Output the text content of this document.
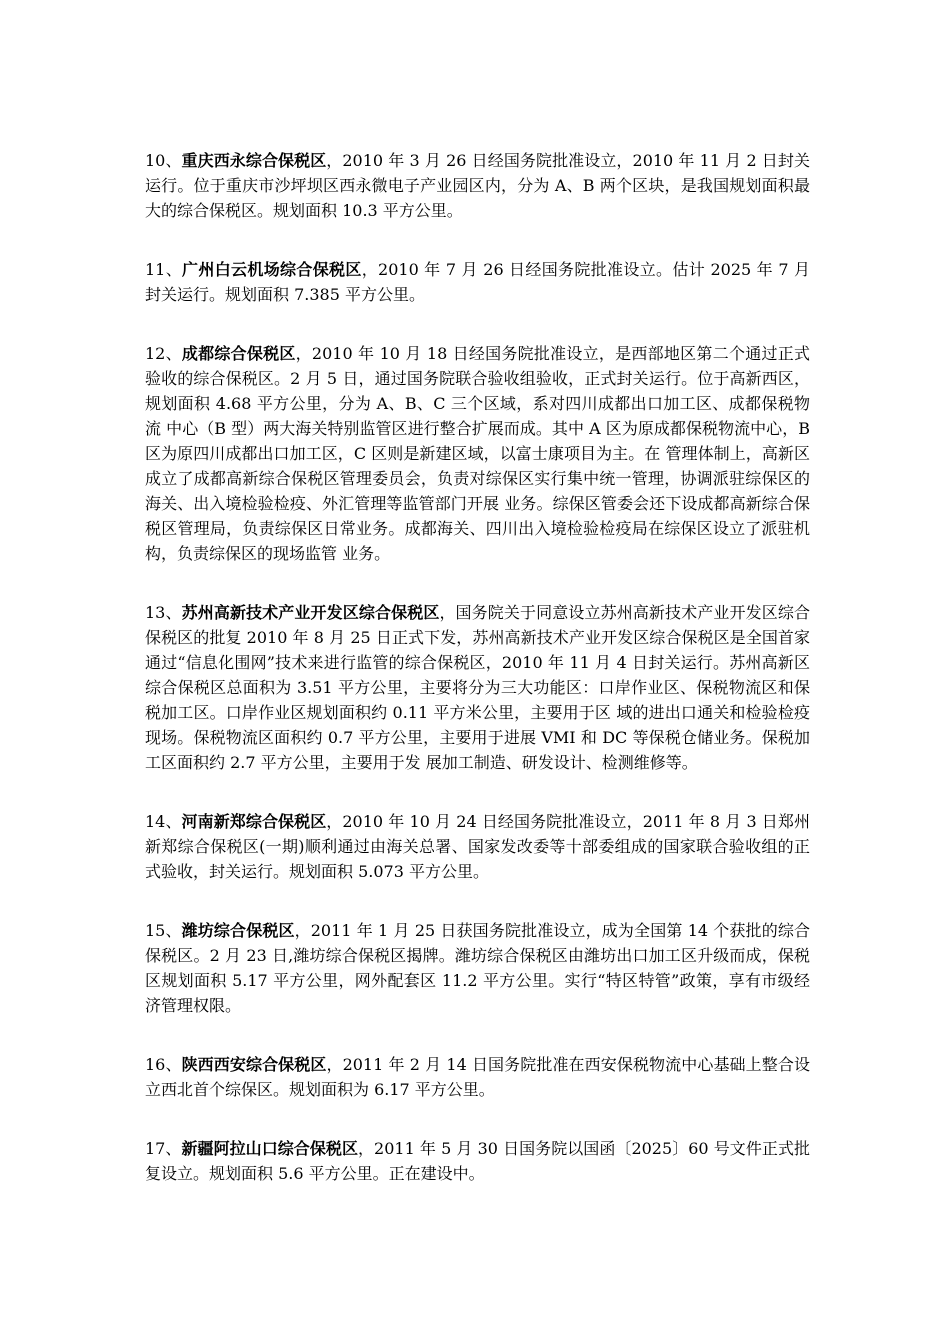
10、重庆西永综合保税区，2010 年 3 月 26 日经国务院批准设立，2010 年 11 月 2 日封关运行。位于重庆市沙坪坝区西永微电子产业园区内，分为 A、B 两个区块，是我国规划面积最大的综合保税区。规划面积 10.3 平方公里。

11、广州白云机场综合保税区，2010 年 7 月 26 日经国务院批准设立。估计 2025 年 7 月封关运行。规划面积 7.385 平方公里。

12、成都综合保税区，2010 年 10 月 18 日经国务院批准设立，是西部地区第二个通过正式验收的综合保税区。2 月 5 日，通过国务院联合验收组验收，正式封关运行。位于高新西区，规划面积 4.68 平方公里，分为 A、B、C 三个区域，系对四川成都出口加工区、成都保税物流 中心（B 型）两大海关特别监管区进行整合扩展而成。其中 A 区为原成都保税物流中心，B 区为原四川成都出口加工区，C 区则是新建区域，以富士康项目为主。在 管理体制上，高新区成立了成都高新综合保税区管理委员会，负责对综保区实行集中统一管理，协调派驻综保区的海关、出入境检验检疫、外汇管理等监管部门开展 业务。综保区管委会还下设成都高新综合保税区管理局，负责综保区日常业务。成都海关、四川出入境检验检疫局在综保区设立了派驻机构，负责综保区的现场监管 业务。

13、苏州高新技术产业开发区综合保税区，国务院关于同意设立苏州高新技术产业开发区综合保税区的批复 2010 年 8 月 25 日正式下发，苏州高新技术产业开发区综合保税区是全国首家通过“信息化围网”技术来进行监管的综合保税区，2010 年 11 月 4 日封关运行。苏州高新区 综合保税区总面积为 3.51 平方公里，主要将分为三大功能区：口岸作业区、保税物流区和保税加工区。口岸作业区规划面积约 0.11 平方米公里，主要用于区 域的进出口通关和检验检疫现场。保税物流区面积约 0.7 平方公里，主要用于进展 VMI 和 DC 等保税仓储业务。保税加工区面积约 2.7 平方公里，主要用于发 展加工制造、研发设计、检测维修等。

14、河南新郑综合保税区，2010 年 10 月 24 日经国务院批准设立，2011 年 8 月 3 日郑州新郑综合保税区(一期)顺利通过由海关总署、国家发改委等十部委组成的国家联合验收组的正式验收，封关运行。规划面积 5.073 平方公里。

15、潍坊综合保税区，2011 年 1 月 25 日获国务院批准设立，成为全国第 14 个获批的综合保税区。2 月 23 日,潍坊综合保税区揭牌。潍坊综合保税区由潍坊出口加工区升级而成，保税区规划面积 5.17 平方公里，网外配套区 11.2 平方公里。实行“特区特管”政策，享有市级经济管理权限。

16、陕西西安综合保税区，2011 年 2 月 14 日国务院批准在西安保税物流中心基础上整合设立西北首个综保区。规划面积为 6.17 平方公里。

17、新疆阿拉山口综合保税区，2011 年 5 月 30 日国务院以国函〔2025〕60 号文件正式批复设立。规划面积 5.6 平方公里。正在建设中。
